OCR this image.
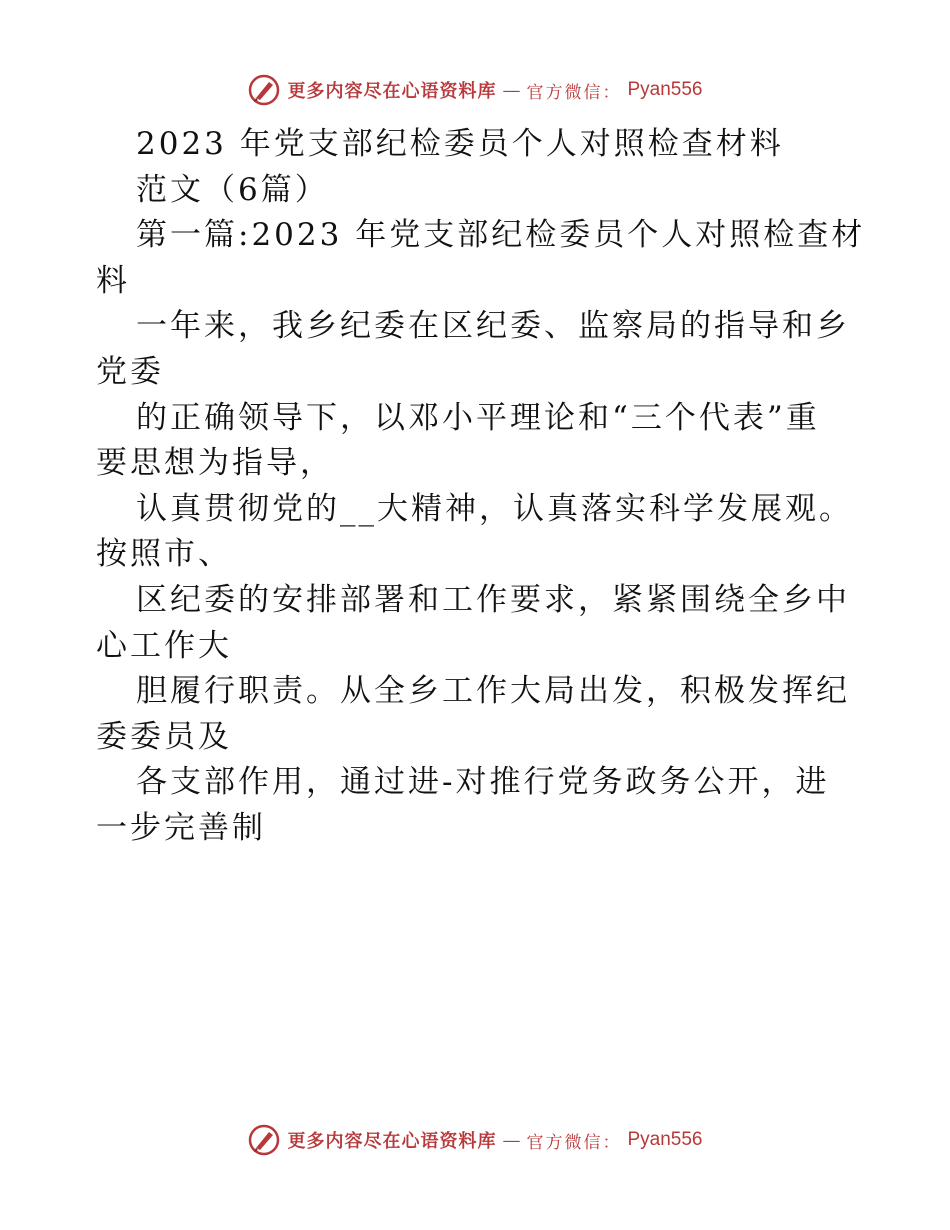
更多内容尽在心语资料库 — 官方微信： Pyan556

2023 年党支部纪检委员个人对照检查材料

范文（6篇）

第一篇:2023 年党支部纪检委员个人对照检查材

料

一年来，我乡纪委在区纪委、监察局的指导和乡

党委

的正确领导下，以邓小平理论和“三个代表”重

要思想为指导，

认真贯彻党的__大精神，认真落实科学发展观。

按照市、

区纪委的安排部署和工作要求，紧紧围绕全乡中

心工作大

胆履行职责。从全乡工作大局出发，积极发挥纪

委委员及

各支部作用，通过进-对推行党务政务公开，进

一步完善制

更多内容尽在心语资料库 — 官方微信： Pyan556
